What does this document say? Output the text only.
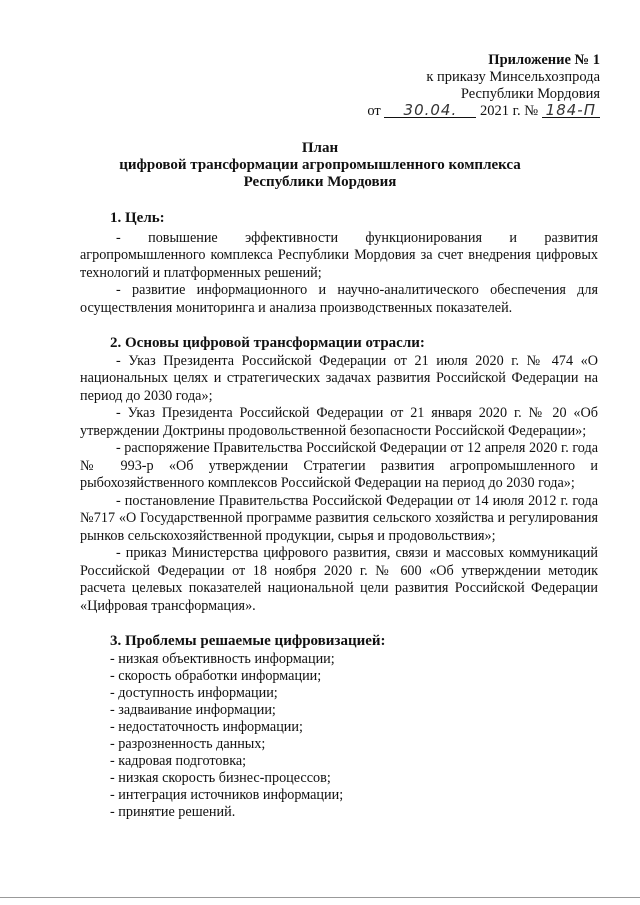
Приложение № 1
к приказу Минсельхозпрода
Республики Мордовия
от 30.04. 2021 г. № 184-П
План
цифровой трансформации агропромышленного комплекса
Республики Мордовия
1. Цель:
- повышение эффективности функционирования и развития агропромышленного комплекса Республики Мордовия за счет внедрения цифровых технологий и платформенных решений;
- развитие информационного и научно-аналитического обеспечения для осуществления мониторинга и анализа производственных показателей.
2. Основы цифровой трансформации отрасли:
- Указ Президента Российской Федерации от 21 июля 2020 г. № 474 «О национальных целях и стратегических задачах развития Российской Федерации на период до 2030 года»;
- Указ Президента Российской Федерации от 21 января 2020 г. № 20 «Об утверждении Доктрины продовольственной безопасности Российской Федерации»;
- распоряжение Правительства Российской Федерации от 12 апреля 2020 г. года № 993-р «Об утверждении Стратегии развития агропромышленного и рыбохозяйственного комплексов Российской Федерации на период до 2030 года»;
- постановление Правительства Российской Федерации от 14 июля 2012 г. года №717 «О Государственной программе развития сельского хозяйства и регулирования рынков сельскохозяйственной продукции, сырья и продовольствия»;
- приказ Министерства цифрового развития, связи и массовых коммуникаций Российской Федерации от 18 ноября 2020 г. № 600 «Об утверждении методик расчета целевых показателей национальной цели развития Российской Федерации «Цифровая трансформация».
3. Проблемы решаемые цифровизацией:
- низкая объективность информации;
- скорость обработки информации;
- доступность информации;
- задваивание информации;
- недостаточность информации;
- разрозненность данных;
- кадровая подготовка;
- низкая скорость бизнес-процессов;
- интеграция источников информации;
- принятие решений.
